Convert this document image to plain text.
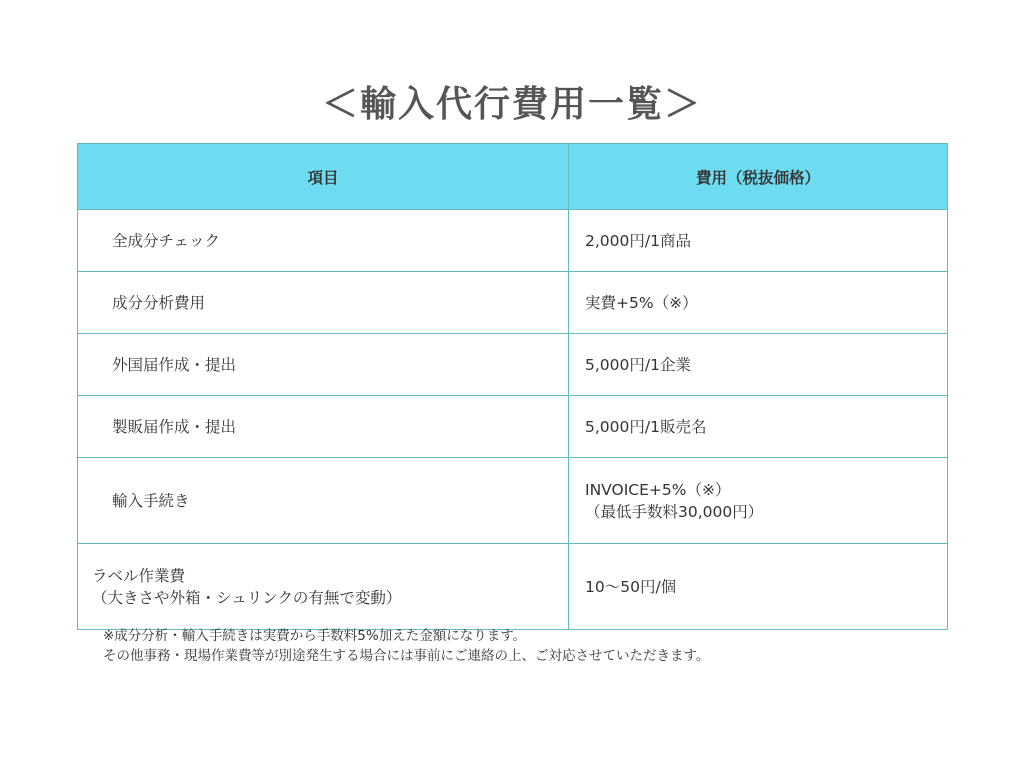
＜輸入代行費用一覧＞
項目	費用（税抜価格）

全成分チェック	2,000円/1商品

成分分析費用	実費+5%（※）

外国届作成・提出	5,000円/1企業

製販届作成・提出	5,000円/1販売名

輸入手続き	INVOICE+5%（※）
（最低手数料30,000円）

ラベル作業費
（大きさや外箱・シュリンクの有無で変動）	10〜50円/個
※成分分析・輸入手続きは実費から手数料5%加えた金額になります。
その他事務・現場作業費等が別途発生する場合には事前にご連絡の上、ご対応させていただきます。
